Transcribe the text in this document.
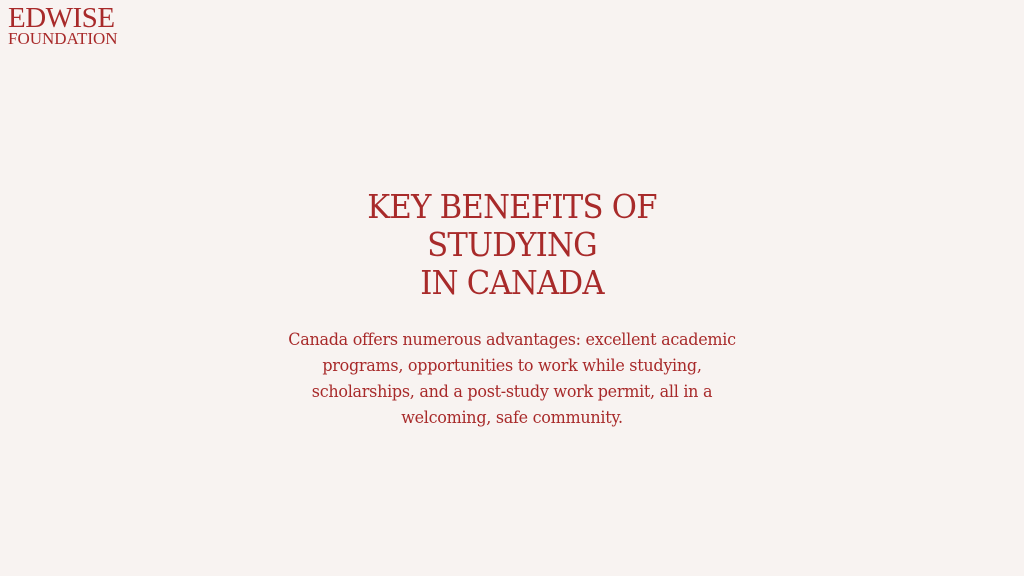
EDWISE
FOUNDATION
KEY BENEFITS OF STUDYING
IN CANADA

Canada offers numerous advantages: excellent academic programs, opportunities to work while studying, scholarships, and a post-study work permit, all in a welcoming, safe community.
